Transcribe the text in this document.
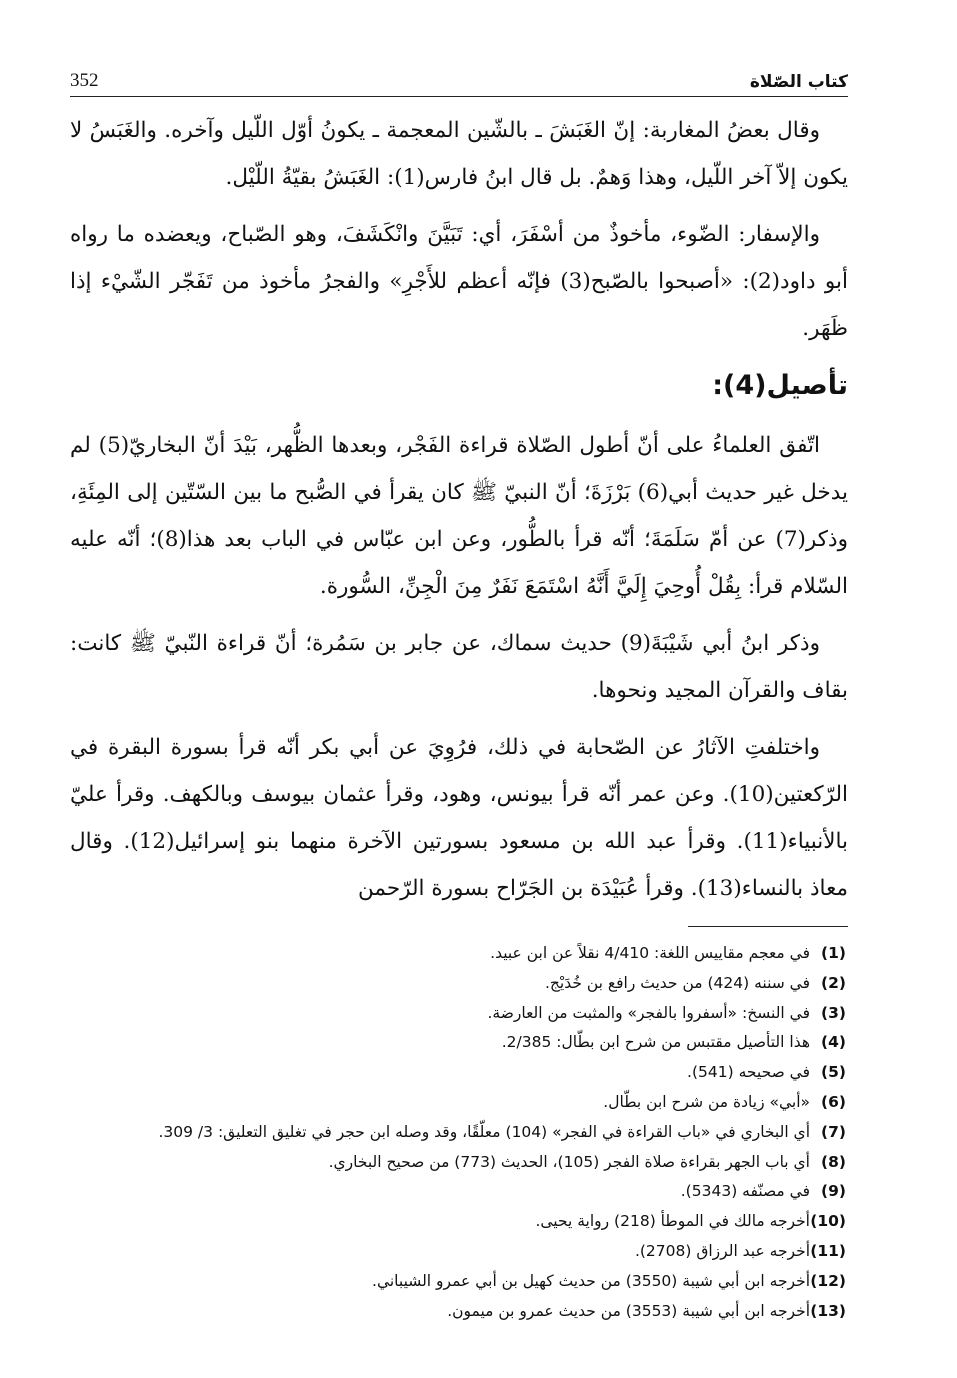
كتاب الصّلاة
352

وقال بعضُ المغاربة: إنّ الغَبَشَ ـ بالشّين المعجمة ـ يكونُ أوّل اللّيل وآخره. والغَبَسُ لا يكون إلاّ آخر اللّيل، وهذا وَهمٌ. بل قال ابنُ فارس(1): الغَبَشُ بقيّةُ اللّيْل.

والإسفار: الضّوء، مأخوذٌ من أسْفَرَ، أي: تَبَيَّنَ وانْكَشَفَ، وهو الصّباح، ويعضده ما رواه أبو داود(2): «أصبحوا بالصّبح(3) فإنّه أعظم للأَجْرِ» والفجرُ مأخوذ من تَفَجّر الشّيْء إذا ظَهَر.

تأصيل(4):

اتّفق العلماءُ على أنّ أطول الصّلاة قراءة الفَجْر، وبعدها الظُّهر، بَيْدَ أنّ البخاريّ(5) لم يدخل غير حديث أبي(6) بَرْزَةَ؛ أنّ النبيّ ﷺ كان يقرأ في الصُّبح ما بين السّتّين إلى المِئَةِ، وذكر(7) عن أمّ سَلَمَةَ؛ أنّه قرأ بالطُّور، وعن ابن عبّاس في الباب بعد هذا(8)؛ أنّه عليه السّلام قرأ: بِقُلْ أُوحِيَ إِلَيَّ أَنَّهُ اسْتَمَعَ نَفَرٌ مِنَ الْجِنِّ، السُّورة.

وذكر ابنُ أبي شَيْبَةَ(9) حديث سماك، عن جابر بن سَمُرة؛ أنّ قراءة النّبيّ ﷺ كانت: بقاف والقرآن المجيد ونحوها.

واختلفتِ الآثارُ عن الصّحابة في ذلك، فرُوِيَ عن أبي بكر أنّه قرأ بسورة البقرة في الرّكعتين(10). وعن عمر أنّه قرأ بيونس، وهود، وقرأ عثمان بيوسف وبالكهف. وقرأ عليّ بالأنبياء(11). وقرأ عبد الله بن مسعود بسورتين الآخرة منهما بنو إسرائيل(12). وقال معاذ بالنساء(13). وقرأ عُبَيْدَة بن الجَرّاح بسورة الرّحمن

(1)
في معجم مقاييس اللغة: 4/410 نقلاً عن ابن عبيد.
(2)
في سننه (424) من حديث رافع بن خُدَيْج.
(3)
في النسخ: «أسفروا بالفجر» والمثبت من العارضة.
(4)
هذا التأصيل مقتبس من شرح ابن بطّال: 2/385.
(5)
في صحيحه (541).
(6)
«أبي» زيادة من شرح ابن بطّال.
(7)
أي البخاري في «باب القراءة في الفجر» (104) معلّقًا، وقد وصله ابن حجر في تغليق التعليق: 3/ 309.
(8)
أي باب الجهر بقراءة صلاة الفجر (105)، الحديث (773) من صحيح البخاري.
(9)
في مصنّفه (5343).
(10)
أخرجه مالك في الموطأ (218) رواية يحيى.
(11)
أخرجه عبد الرزاق (2708).
(12)
أخرجه ابن أبي شيبة (3550) من حديث كهيل بن أبي عمرو الشيباني.
(13)
أخرجه ابن أبي شيبة (3553) من حديث عمرو بن ميمون.
